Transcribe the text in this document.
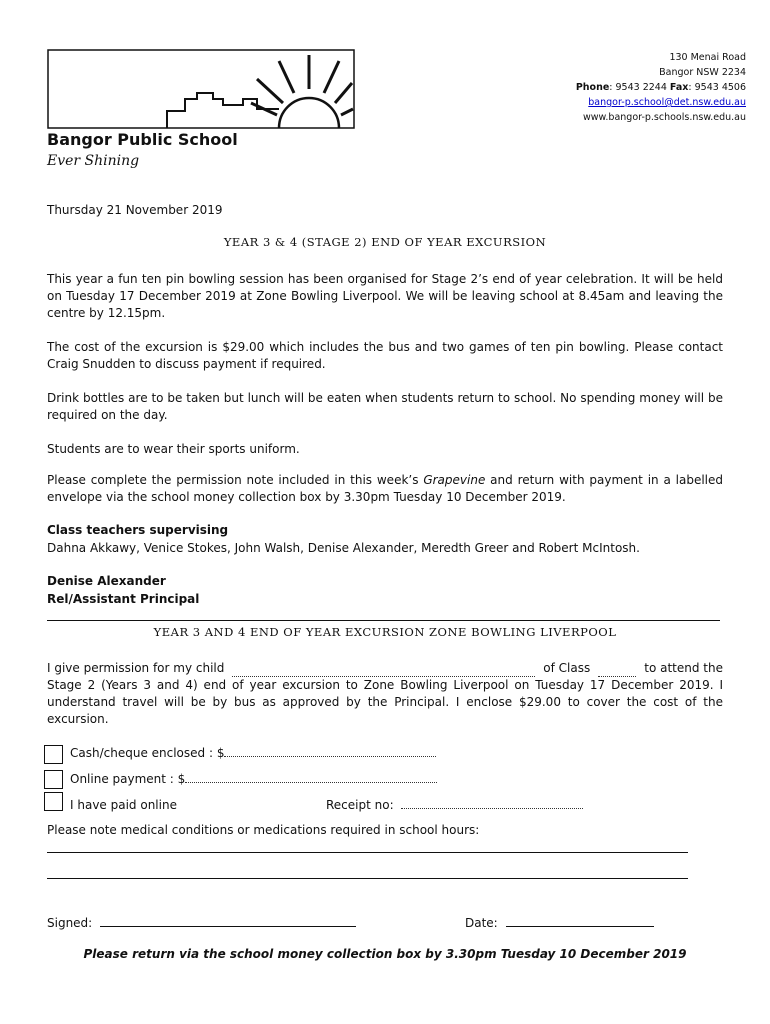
130 Menai Road
Bangor NSW 2234
Phone: 9543 2244 Fax: 9543 4506
bangor-p.school@det.nsw.edu.au
www.bangor-p.schools.nsw.edu.au
Bangor Public School
Ever Shining
Thursday 21 November 2019
YEAR 3 & 4 (STAGE 2) END OF YEAR EXCURSION
This year a fun ten pin bowling session has been organised for Stage 2’s end of year celebration. It will be held on Tuesday 17 December 2019 at Zone Bowling Liverpool. We will be leaving school at 8.45am and leaving the centre by 12.15pm.
The cost of the excursion is $29.00 which includes the bus and two games of ten pin bowling. Please contact Craig Snudden to discuss payment if required.
Drink bottles are to be taken but lunch will be eaten when students return to school. No spending money will be required on the day.
Students are to wear their sports uniform.
Please complete the permission note included in this week’s Grapevine and return with payment in a labelled envelope via the school money collection box by 3.30pm Tuesday 10 December 2019.
Class teachers supervising
Dahna Akkawy, Venice Stokes, John Walsh, Denise Alexander, Meredth Greer and Robert McIntosh.
Denise Alexander
Rel/Assistant Principal
YEAR 3 AND 4 END OF YEAR EXCURSION ZONE BOWLING LIVERPOOL
I give permission for my child	of Class	to attend the
Stage 2 (Years 3 and 4) end of year excursion to Zone Bowling Liverpool on Tuesday 17 December 2019. I understand travel will be by bus as approved by the Principal. I enclose $29.00 to cover the cost of the excursion.
Cash/cheque enclosed : $
Online payment : $
I have paid online	Receipt no:
Please note medical conditions or medications required in school hours:
Signed:	Date:
Please return via the school money collection box by 3.30pm Tuesday 10 December 2019
